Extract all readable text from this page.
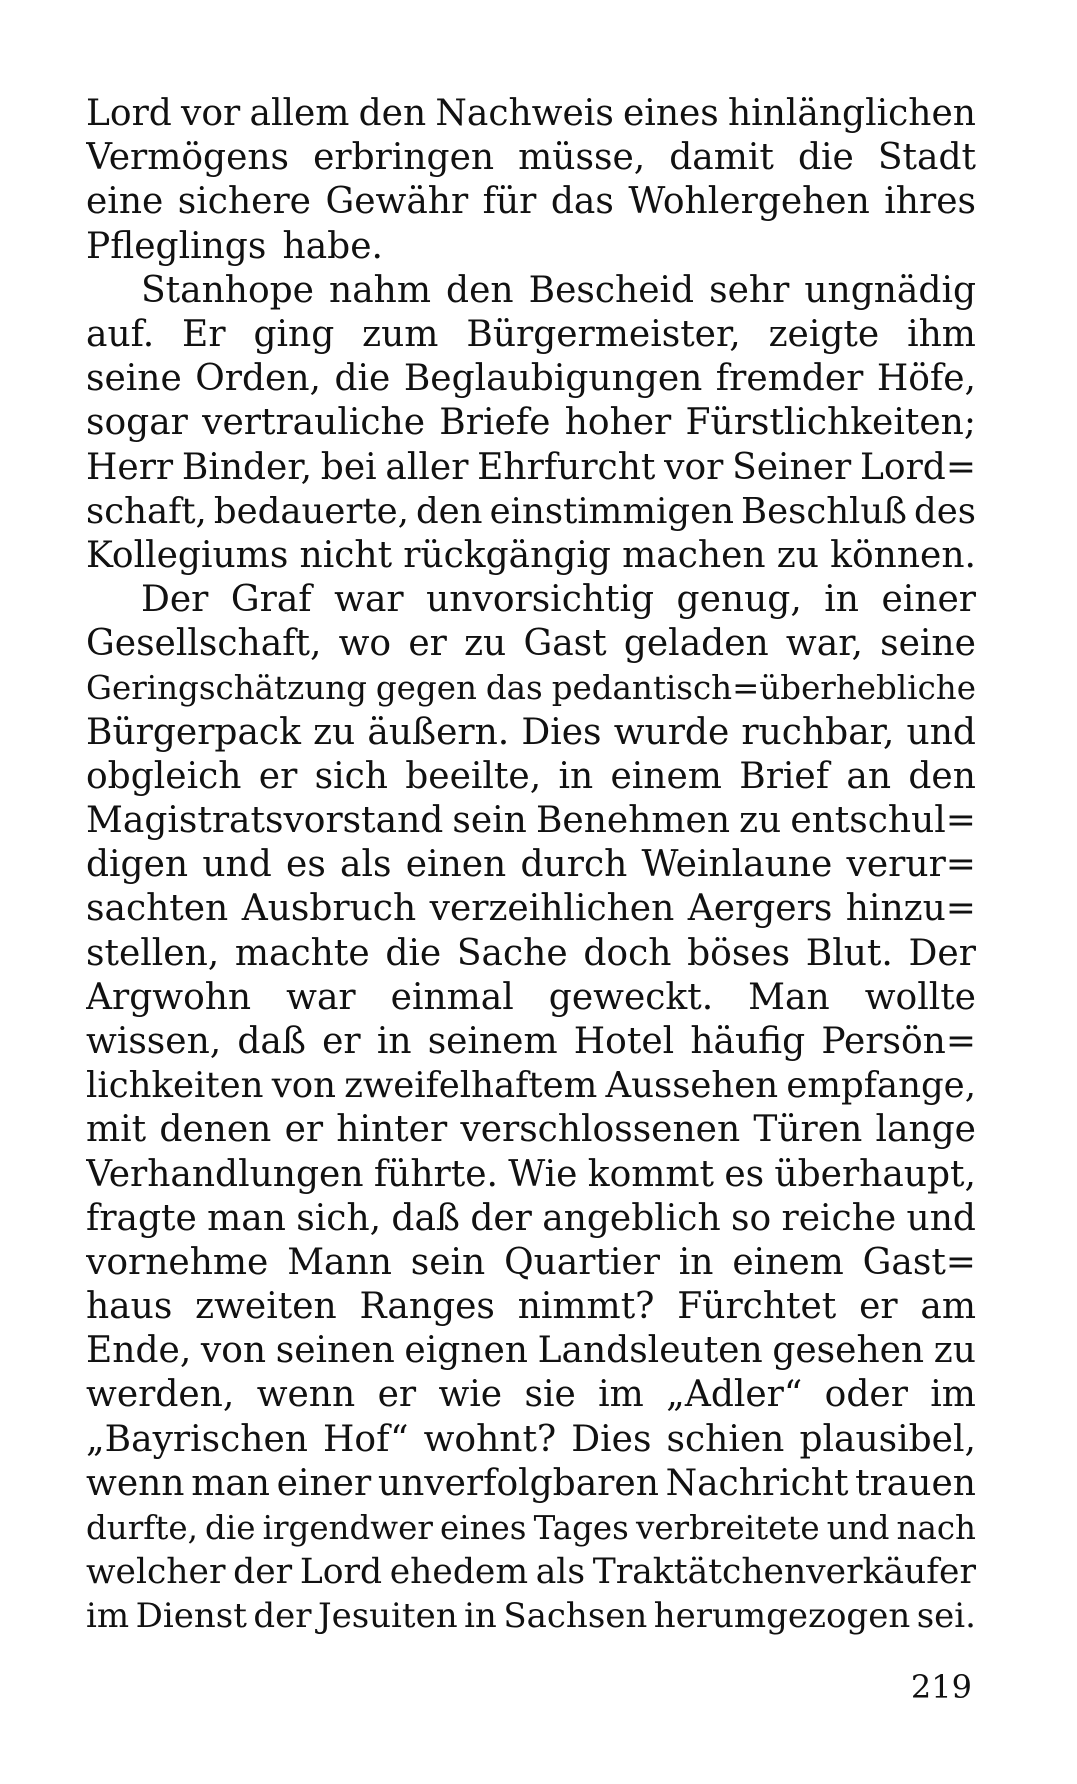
Lord vor allem den Nachweis eines hinlänglichen
Vermögens erbringen müsse, damit die Stadt
eine sichere Gewähr für das Wohlergehen ihres
Pfleglings habe.
Stanhope nahm den Bescheid sehr ungnädig
auf. Er ging zum Bürgermeister, zeigte ihm
seine Orden, die Beglaubigungen fremder Höfe,
sogar vertrauliche Briefe hoher Fürstlichkeiten;
Herr Binder, bei aller Ehrfurcht vor Seiner Lord=
schaft, bedauerte, den einstimmigen Beschluß des
Kollegiums nicht rückgängig machen zu können.
Der Graf war unvorsichtig genug, in einer
Gesellschaft, wo er zu Gast geladen war, seine
Geringschätzung gegen das pedantisch=überhebliche
Bürgerpack zu äußern. Dies wurde ruchbar, und
obgleich er sich beeilte, in einem Brief an den
Magistratsvorstand sein Benehmen zu entschul=
digen und es als einen durch Weinlaune verur=
sachten Ausbruch verzeihlichen Aergers hinzu=
stellen, machte die Sache doch böses Blut. Der
Argwohn war einmal geweckt. Man wollte
wissen, daß er in seinem Hotel häufig Persön=
lichkeiten von zweifelhaftem Aussehen empfange,
mit denen er hinter verschlossenen Türen lange
Verhandlungen führte. Wie kommt es überhaupt,
fragte man sich, daß der angeblich so reiche und
vornehme Mann sein Quartier in einem Gast=
haus zweiten Ranges nimmt? Fürchtet er am
Ende, von seinen eignen Landsleuten gesehen zu
werden, wenn er wie sie im „Adler“ oder im
„Bayrischen Hof“ wohnt? Dies schien plausibel,
wenn man einer unverfolgbaren Nachricht trauen
durfte, die irgendwer eines Tages verbreitete und nach
welcher der Lord ehedem als Traktätchenverkäufer
im Dienst der Jesuiten in Sachsen herumgezogen sei.
219
